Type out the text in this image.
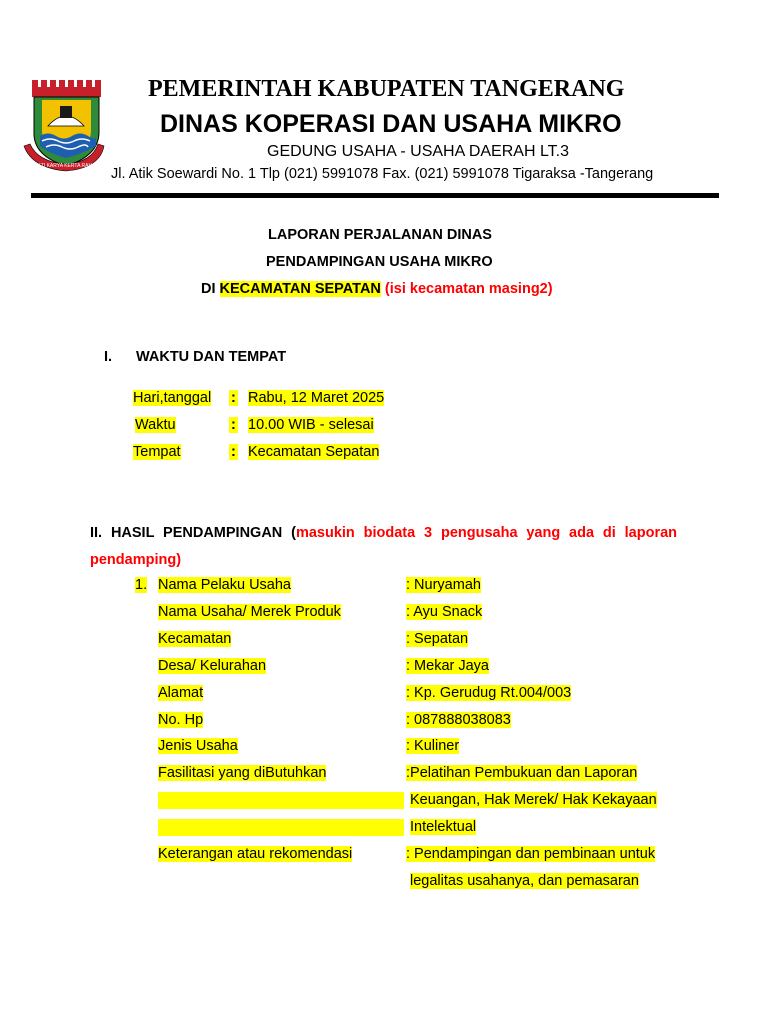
BHAKTI KARYA KERTA RAHARJA
PEMERINTAH KABUPATEN TANGERANG
DINAS KOPERASI DAN USAHA MIKRO
GEDUNG USAHA - USAHA DAERAH LT.3
Jl. Atik Soewardi No. 1 Tlp (021) 5991078 Fax. (021) 5991078 Tigaraksa -Tangerang
LAPORAN PERJALANAN DINAS
PENDAMPINGAN USAHA MIKRO
DI KECAMATAN SEPATAN (isi kecamatan masing2)
I. WAKTU DAN TEMPAT
Hari,tanggal : Rabu, 12 Maret 2025
Waktu	: 10.00 WIB - selesai
Tempat	: Kecamatan Sepatan
II. HASIL PENDAMPINGAN (masukin biodata 3 pengusaha yang ada di laporan pendamping)
1. Nama Pelaku Usaha	: Nuryamah
Nama Usaha/ Merek Produk	: Ayu Snack
Kecamatan	: Sepatan
Desa/ Kelurahan	: Mekar Jaya
Alamat	: Kp. Gerudug Rt.004/003
No. Hp	: 087888038083
Jenis Usaha	: Kuliner
Fasilitasi yang diButuhkan	:Pelatihan Pembukuan dan Laporan
Keuangan, Hak Merek/ Hak Kekayaan
Intelektual
Keterangan atau rekomendasi	: Pendampingan dan pembinaan untuk
legalitas usahanya, dan pemasaran
